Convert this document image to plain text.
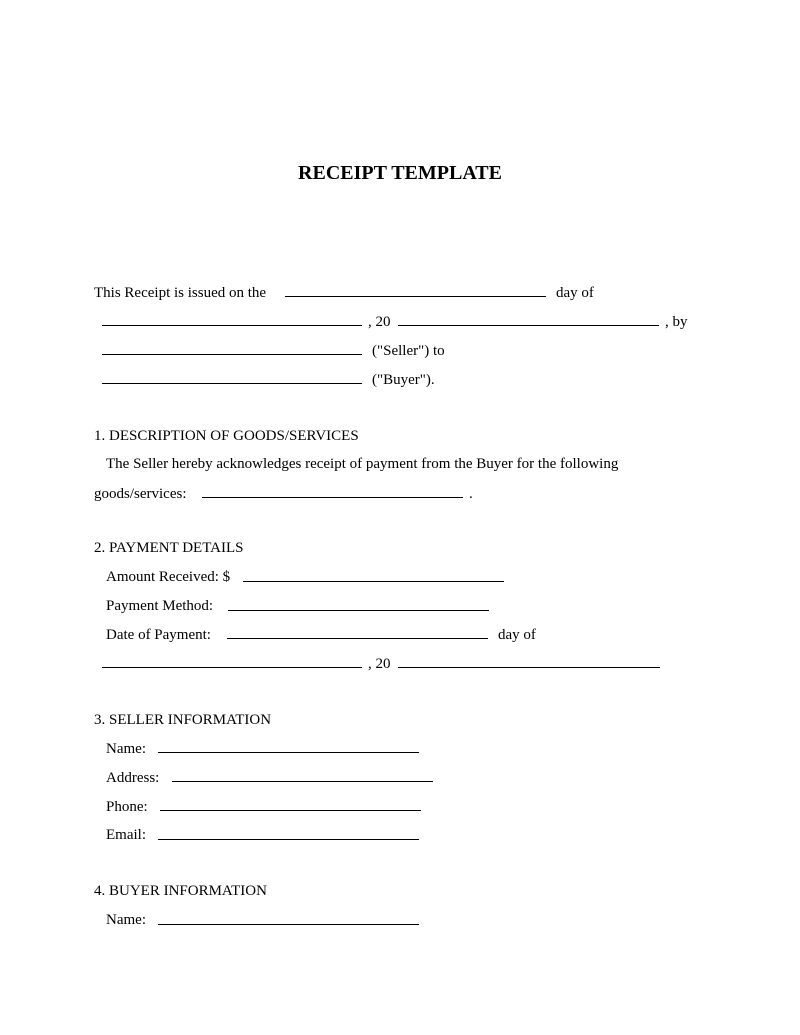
RECEIPT TEMPLATE
This Receipt is issued on the	day of
, 20	, by
("Seller") to
("Buyer").
1. DESCRIPTION OF GOODS/SERVICES
The Seller hereby acknowledges receipt of payment from the Buyer for the following
goods/services:	.
2. PAYMENT DETAILS
Amount Received: $
Payment Method:
Date of Payment:	day of
, 20
3. SELLER INFORMATION
Name:
Address:
Phone:
Email:
4. BUYER INFORMATION
Name:
